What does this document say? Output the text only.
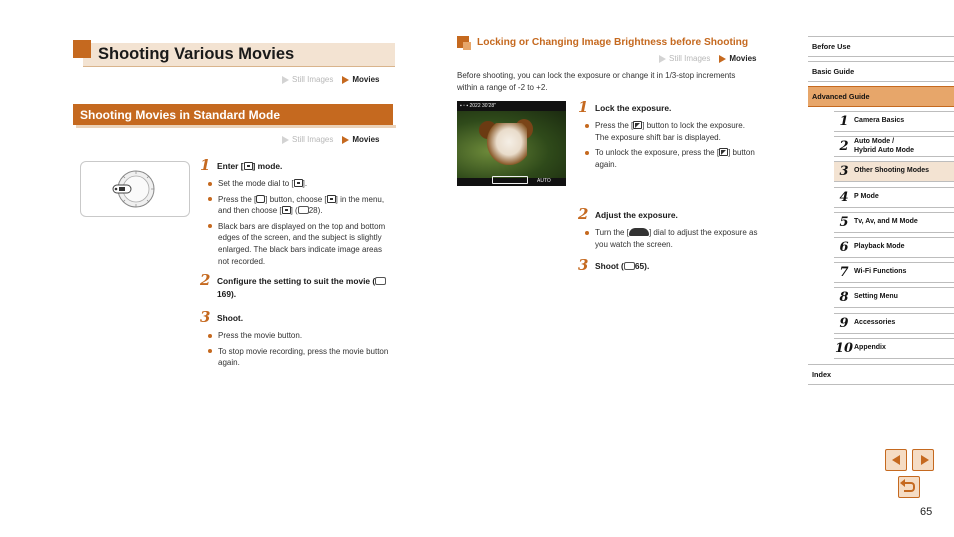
Shooting Various Movies
Still Images Movies
Shooting Movies in Standard Mode
Still Images Movies
1 Enter [ ] mode.
Set the mode dial to [ ].
Press the [ ] button, choose [ ] in the menu, and then choose [ ] ( 28).
Black bars are displayed on the top and bottom edges of the screen, and the subject is slightly enlarged. The black bars indicate image areas not recorded.
2 Configure the setting to suit the movie (169).
3 Shoot.
Press the movie button.
To stop movie recording, press the movie button again.
Locking or Changing Image Brightness before Shooting
Still Images Movies
Before shooting, you can lock the exposure or change it in 1/3-stop increments within a range of -2 to +2.
▪ ▫ ▪ 2022 30'28"
AUTO
1 Lock the exposure.
Press the [ ] button to lock the exposure. The exposure shift bar is displayed.
To unlock the exposure, press the [ ] button again.
2 Adjust the exposure.
Turn the [	] dial to adjust the exposure as you watch the screen.
3 Shoot ( 65).
Before Use
Basic Guide
Advanced Guide
1 Camera Basics
2 Auto Mode /
Hybrid Auto Mode
3 Other Shooting Modes
4 P Mode
5 Tv, Av, and M Mode
6 Playback Mode
7 Wi-Fi Functions
8 Setting Menu
9 Accessories
10 Appendix
Index
65
